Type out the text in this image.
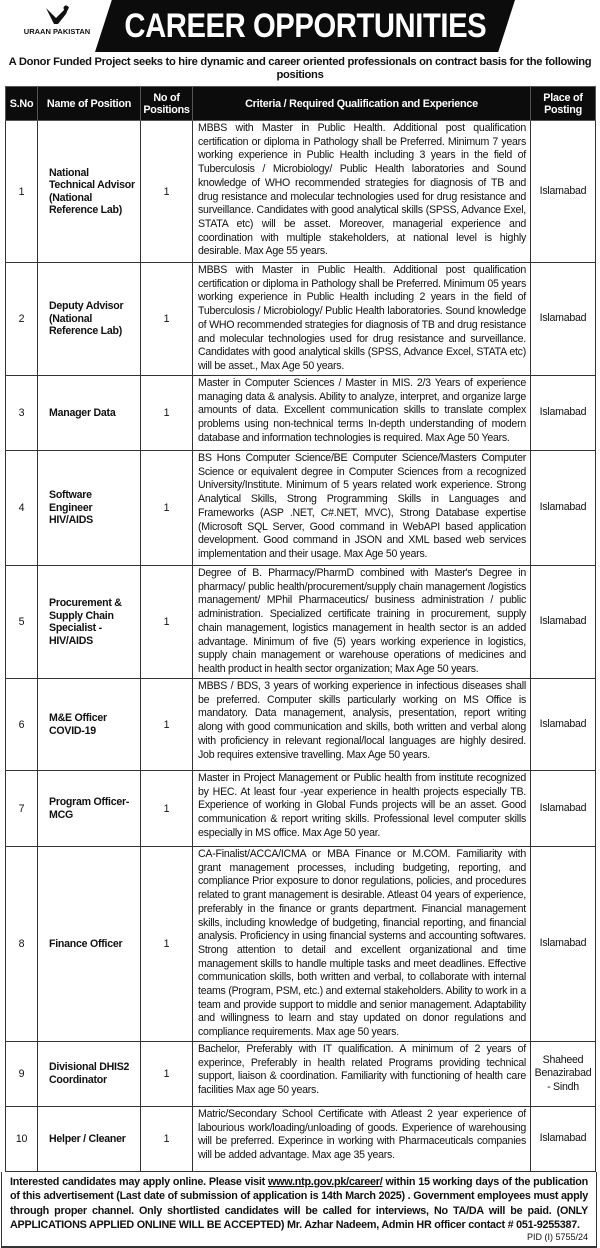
URAAN PAKISTAN CAREER OPPORTUNITIES
A Donor Funded Project seeks to hire dynamic and career oriented professionals on contract basis for the following positions
S.No	Name of Position	No of Positions	Criteria / Required Qualification and Experience	Place of Posting
1	National Technical Advisor (National Reference Lab)	1	MBBS with Master in Public Health. Additional post qualification certification or diploma in Pathology shall be Preferred. Minimum 7 years working experience in Public Health including 3 years in the field of Tuberculosis / Microbiology/ Public Health laboratories and Sound knowledge of WHO recommended strategies for diagnosis of TB and drug resistance and molecular technologies used for drug resistance and surveillance. Candidates with good analytical skills (SPSS, Advance Exel, STATA etc) will be asset. Moreover, managerial experience and coordination with multiple stakeholders, at national level is highly desirable. Max Age 55 years.	Islamabad
2	Deputy Advisor (National Reference Lab)	1	MBBS with Master in Public Health. Additional post qualification certification or diploma in Pathology shall be Preferred. Minimum 05 years working experience in Public Health including 2 years in the field of Tuberculosis / Microbiology/ Public Health laboratories. Sound knowledge of WHO recommended strategies for diagnosis of TB and drug resistance and molecular technologies used for drug resistance and surveillance. Candidates with good analytical skills (SPSS, Advance Excel, STATA etc) will be asset., Max Age 50 years.	Islamabad
3	Manager Data	1	Master in Computer Sciences / Master in MIS. 2/3 Years of experience managing data & analysis. Ability to analyze, interpret, and organize large amounts of data. Excellent communication skills to translate complex problems using non-technical terms In-depth understanding of modern database and information technologies is required. Max Age 50 Years.	Islamabad
4	Software Engineer HIV/AIDS	1	BS Hons Computer Science/BE Computer Science/Masters Computer Science or equivalent degree in Computer Sciences from a recognized University/Institute. Minimum of 5 years related work experience. Strong Analytical Skills, Strong Programming Skills in Languages and Frameworks (ASP .NET, C#.NET, MVC), Strong Database expertise (Microsoft SQL Server, Good command in WebAPI based application development. Good command in JSON and XML based web services implementation and their usage. Max Age 50 years.	Islamabad
5	Procurement & Supply Chain Specialist - HIV/AIDS	1	Degree of B. Pharmacy/PharmD combined with Master's Degree in pharmacy/ public health/procurement/supply chain management /logistics management/ MPhil Pharmaceutics/ business administration / public administration. Specialized certificate training in procurement, supply chain management, logistics management in health sector is an added advantage. Minimum of five (5) years working experience in logistics, supply chain management or warehouse operations of medicines and health product in health sector organization; Max Age 50 years.	Islamabad
6	M&E Officer COVID-19	1	MBBS / BDS, 3 years of working experience in infectious diseases shall be preferred. Computer skills particularly working on MS Office is mandatory. Data management, analysis, presentation, report writing along with good communication and skills, both written and verbal along with proficiency in relevant regional/local languages are highly desired. Job requires extensive travelling. Max Age 50 years.	Islamabad
7	Program Officer- MCG	1	Master in Project Management or Public health from institute recognized by HEC. At least four -year experience in health projects especially TB. Experience of working in Global Funds projects will be an asset. Good communication & report writing skills. Professional level computer skills especially in MS office. Max Age 50 year.	Islamabad
8	Finance Officer	1	CA-Finalist/ACCA/ICMA or MBA Finance or M.COM. Familiarity with grant management processes, including budgeting, reporting, and compliance Prior exposure to donor regulations, policies, and procedures related to grant management is desirable. Atleast 04 years of experience, preferably in the finance or grants department. Financial management skills, including knowledge of budgeting, financial reporting, and financial analysis. Proficiency in using financial systems and accounting softwares. Strong attention to detail and excellent organizational and time management skills to handle multiple tasks and meet deadlines. Effective communication skills, both written and verbal, to collaborate with internal teams (Program, PSM, etc.) and external stakeholders. Ability to work in a team and provide support to middle and senior management. Adaptability and willingness to learn and stay updated on donor regulations and compliance requirements. Max age 50 years.	Islamabad
9	Divisional DHIS2 Coordinator	1	Bachelor, Preferably with IT qualification. A minimum of 2 years of experince, Preferably in health related Programs providing technical support, liaison & coordination. Familiarity with functioning of health care facilities Max age 50 years.	Shaheed Benazirabad - Sindh
10	Helper / Cleaner	1	Matric/Secondary School Certificate with Atleast 2 year experience of labourious work/loading/unloading of goods. Experience of warehousing will be preferred. Experince in working with Pharmaceuticals companies will be added advantage. Max age 35 years.	Islamabad
Interested candidates may apply online. Please visit www.ntp.gov.pk/career/ within 15 working days of the publication of this advertisement (Last date of submission of application is 14th March 2025) . Government employees must apply through proper channel. Only shortlisted candidates will be called for interviews, No TA/DA will be paid. (ONLY APPLICATIONS APPLIED ONLINE WILL BE ACCEPTED) Mr. Azhar Nadeem, Admin HR officer contact # 051-9255387.
PID (I) 5755/24
